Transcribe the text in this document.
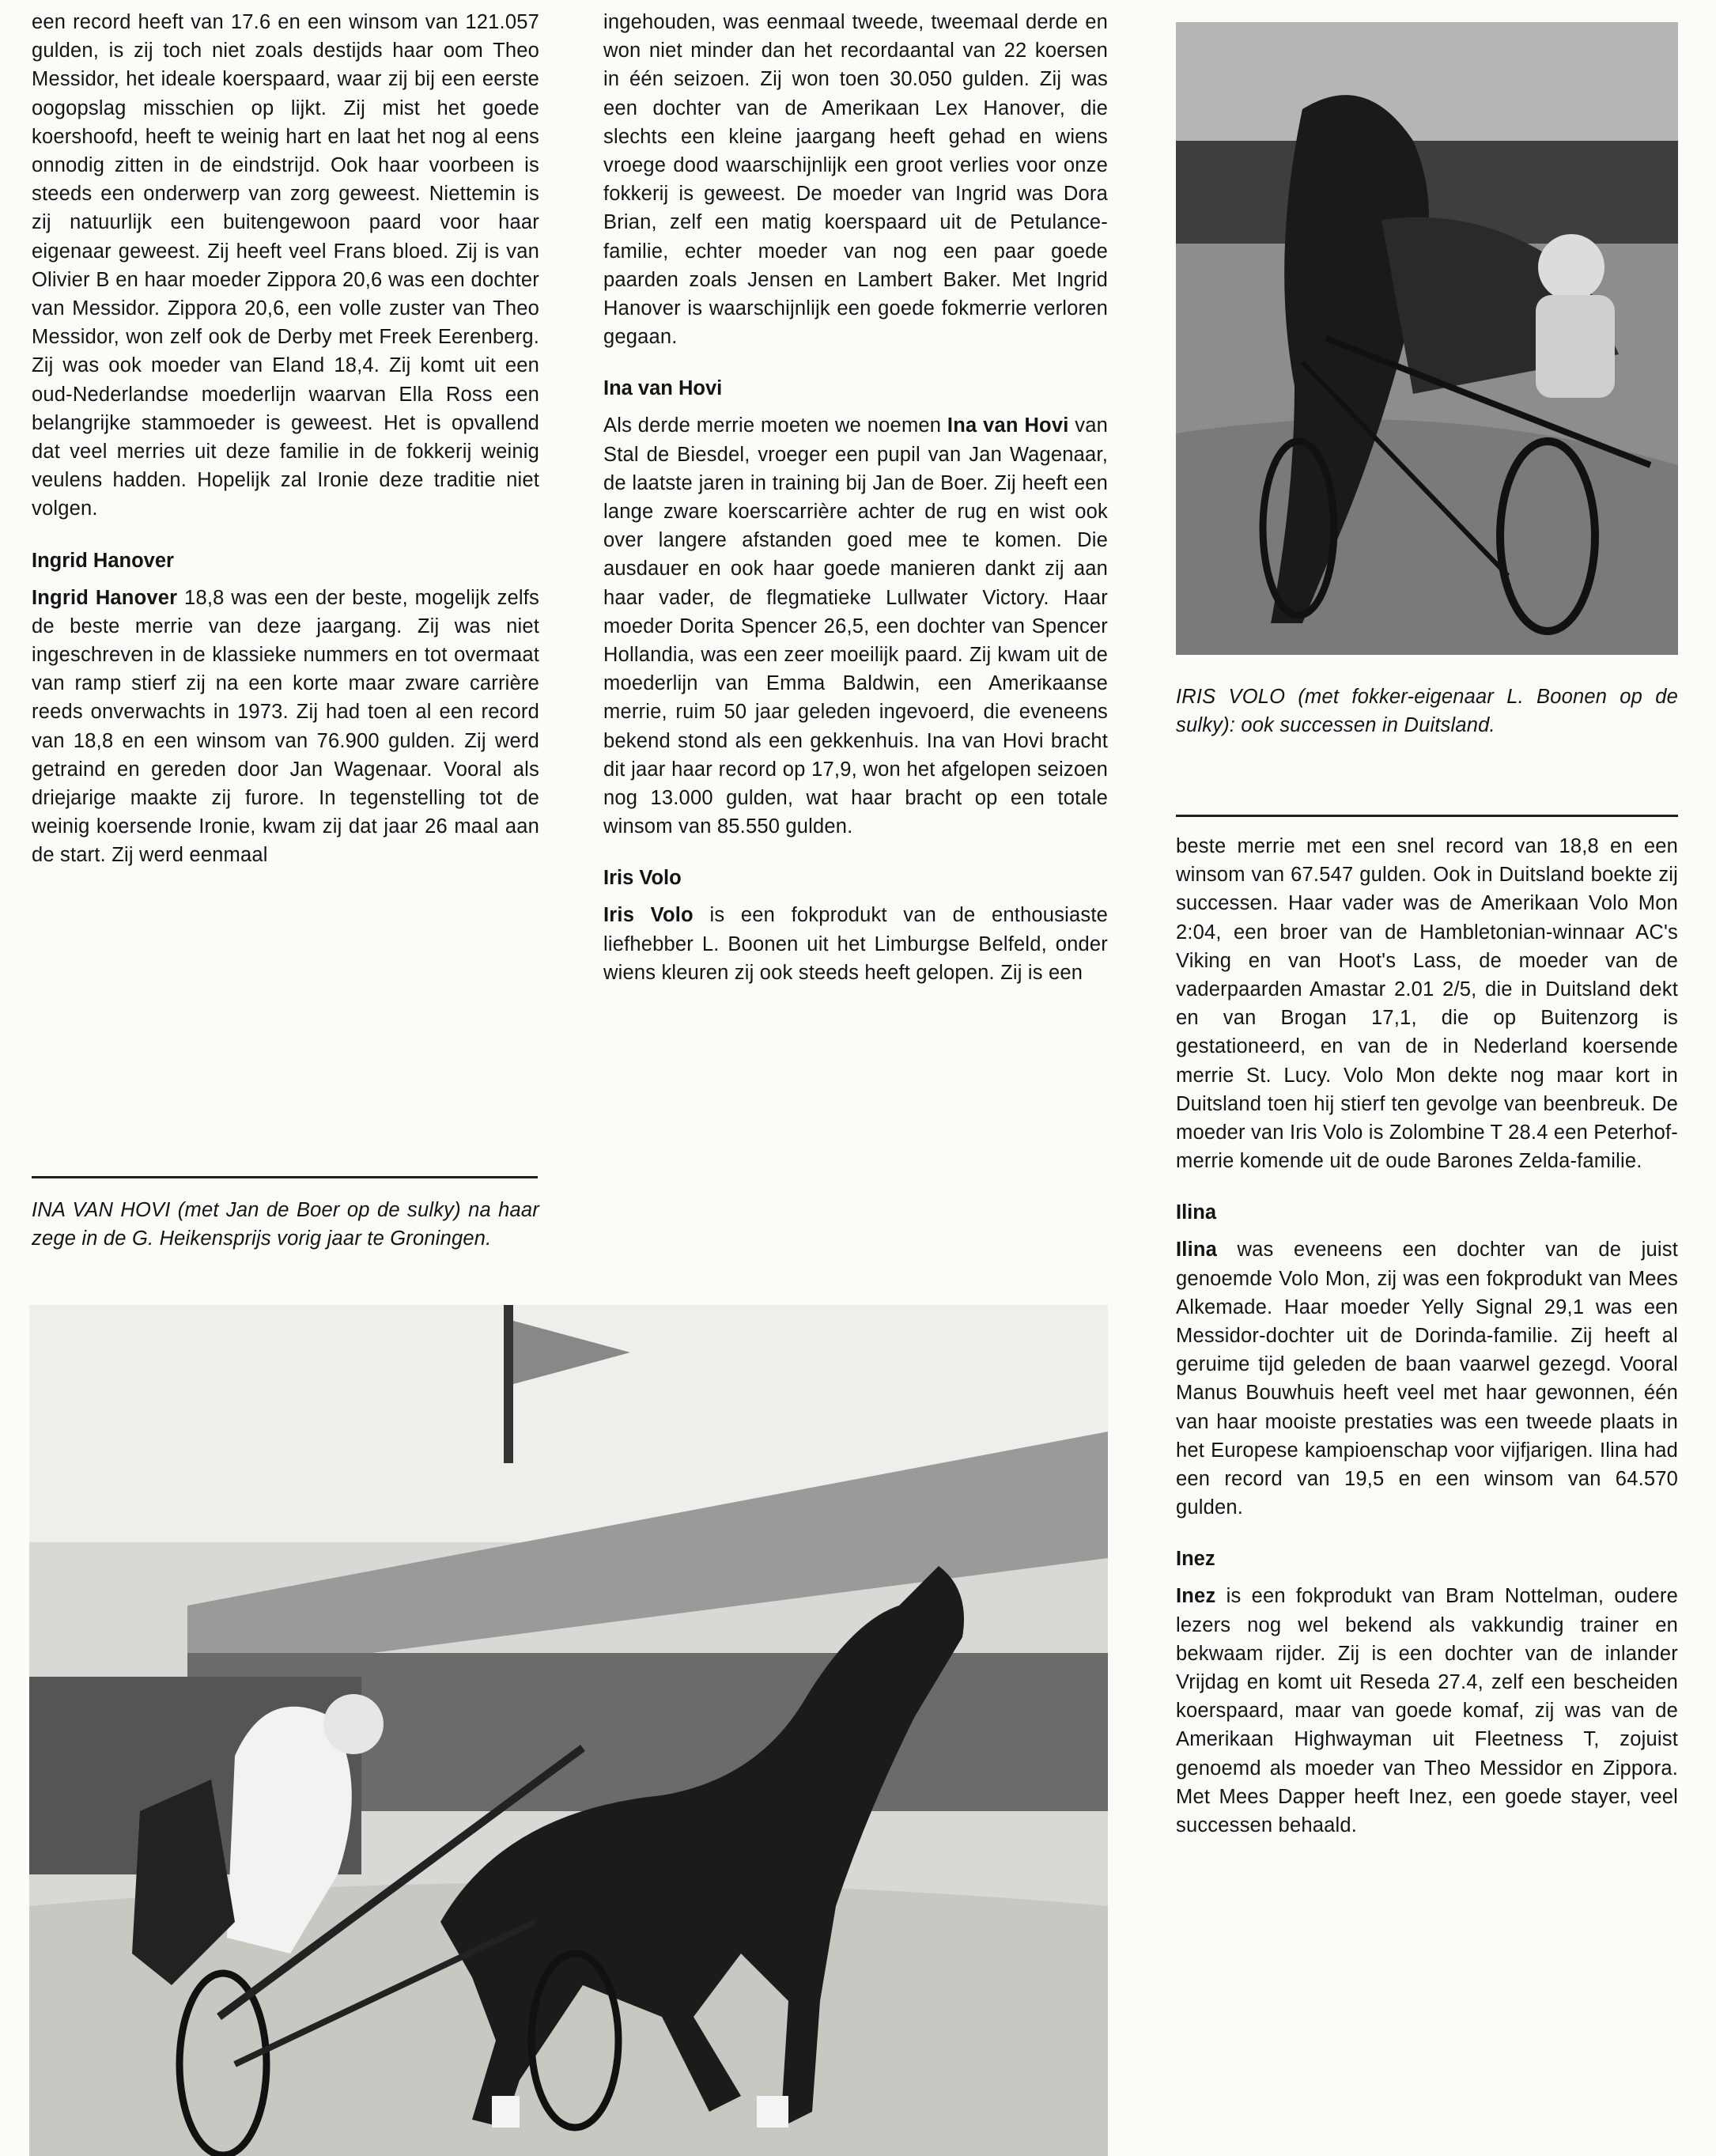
een record heeft van 17.6 en een winsom van 121.057 gulden, is zij toch niet zoals destijds haar oom Theo Messidor, het ideale koerspaard, waar zij bij een eerste oogopslag misschien op lijkt. Zij mist het goede koershoofd, heeft te weinig hart en laat het nog al eens onnodig zitten in de eindstrijd. Ook haar voorbeen is steeds een onderwerp van zorg geweest. Niettemin is zij natuurlijk een buitengewoon paard voor haar eigenaar geweest. Zij heeft veel Frans bloed. Zij is van Olivier B en haar moeder Zippora 20,6 was een dochter van Messidor. Zippora 20,6, een volle zuster van Theo Messidor, won zelf ook de Derby met Freek Eerenberg. Zij was ook moeder van Eland 18,4. Zij komt uit een oud-Nederlandse moederlijn waarvan Ella Ross een belangrijke stammoeder is geweest. Het is opvallend dat veel merries uit deze familie in de fokkerij weinig veulens hadden. Hopelijk zal Ironie deze traditie niet volgen.

Ingrid Hanover

Ingrid Hanover 18,8 was een der beste, mogelijk zelfs de beste merrie van deze jaargang. Zij was niet ingeschreven in de klassieke nummers en tot overmaat van ramp stierf zij na een korte maar zware carrière reeds onverwachts in 1973. Zij had toen al een record van 18,8 en een winsom van 76.900 gulden. Zij werd getraind en gereden door Jan Wagenaar. Vooral als driejarige maakte zij furore. In tegenstelling tot de weinig koersende Ironie, kwam zij dat jaar 26 maal aan de start. Zij werd eenmaal

INA VAN HOVI (met Jan de Boer op de sulky) na haar zege in de G. Heikensprijs vorig jaar te Groningen.

ingehouden, was eenmaal tweede, tweemaal derde en won niet minder dan het recordaantal van 22 koersen in één seizoen. Zij won toen 30.050 gulden. Zij was een dochter van de Amerikaan Lex Hanover, die slechts een kleine jaargang heeft gehad en wiens vroege dood waarschijnlijk een groot verlies voor onze fokkerij is geweest. De moeder van Ingrid was Dora Brian, zelf een matig koerspaard uit de Petulance-familie, echter moeder van nog een paar goede paarden zoals Jensen en Lambert Baker. Met Ingrid Hanover is waarschijnlijk een goede fokmerrie verloren gegaan.

Ina van Hovi

Als derde merrie moeten we noemen Ina van Hovi van Stal de Biesdel, vroeger een pupil van Jan Wagenaar, de laatste jaren in training bij Jan de Boer. Zij heeft een lange zware koerscarrière achter de rug en wist ook over langere afstanden goed mee te komen. Die ausdauer en ook haar goede manieren dankt zij aan haar vader, de flegmatieke Lullwater Victory. Haar moeder Dorita Spencer 26,5, een dochter van Spencer Hollandia, was een zeer moeilijk paard. Zij kwam uit de moederlijn van Emma Baldwin, een Amerikaanse merrie, ruim 50 jaar geleden ingevoerd, die eveneens bekend stond als een gekkenhuis. Ina van Hovi bracht dit jaar haar record op 17,9, won het afgelopen seizoen nog 13.000 gulden, wat haar bracht op een totale winsom van 85.550 gulden.

Iris Volo

Iris Volo is een fokprodukt van de enthousiaste liefhebber L. Boonen uit het Limburgse Belfeld, onder wiens kleuren zij ook steeds heeft gelopen. Zij is een

IRIS VOLO (met fokker-eigenaar L. Boonen op de sulky): ook successen in Duitsland.

beste merrie met een snel record van 18,8 en een winsom van 67.547 gulden. Ook in Duitsland boekte zij successen. Haar vader was de Amerikaan Volo Mon 2:04, een broer van de Hambletonian-winnaar AC's Viking en van Hoot's Lass, de moeder van de vaderpaarden Amastar 2.01 2/5, die in Duitsland dekt en van Brogan 17,1, die op Buitenzorg is gestationeerd, en van de in Nederland koersende merrie St. Lucy. Volo Mon dekte nog maar kort in Duitsland toen hij stierf ten gevolge van beenbreuk. De moeder van Iris Volo is Zolombine T 28.4 een Peterhof-merrie komende uit de oude Barones Zelda-familie.

Ilina

Ilina was eveneens een dochter van de juist genoemde Volo Mon, zij was een fokprodukt van Mees Alkemade. Haar moeder Yelly Signal 29,1 was een Messidor-dochter uit de Dorinda-familie. Zij heeft al geruime tijd geleden de baan vaarwel gezegd. Vooral Manus Bouwhuis heeft veel met haar gewonnen, één van haar mooiste prestaties was een tweede plaats in het Europese kampioenschap voor vijfjarigen. Ilina had een record van 19,5 en een winsom van 64.570 gulden.

Inez

Inez is een fokprodukt van Bram Nottelman, oudere lezers nog wel bekend als vakkundig trainer en bekwaam rijder. Zij is een dochter van de inlander Vrijdag en komt uit Reseda 27.4, zelf een bescheiden koerspaard, maar van goede komaf, zij was van de Amerikaan Highwayman uit Fleetness T, zojuist genoemd als moeder van Theo Messidor en Zippora. Met Mees Dapper heeft Inez, een goede stayer, veel successen behaald.
